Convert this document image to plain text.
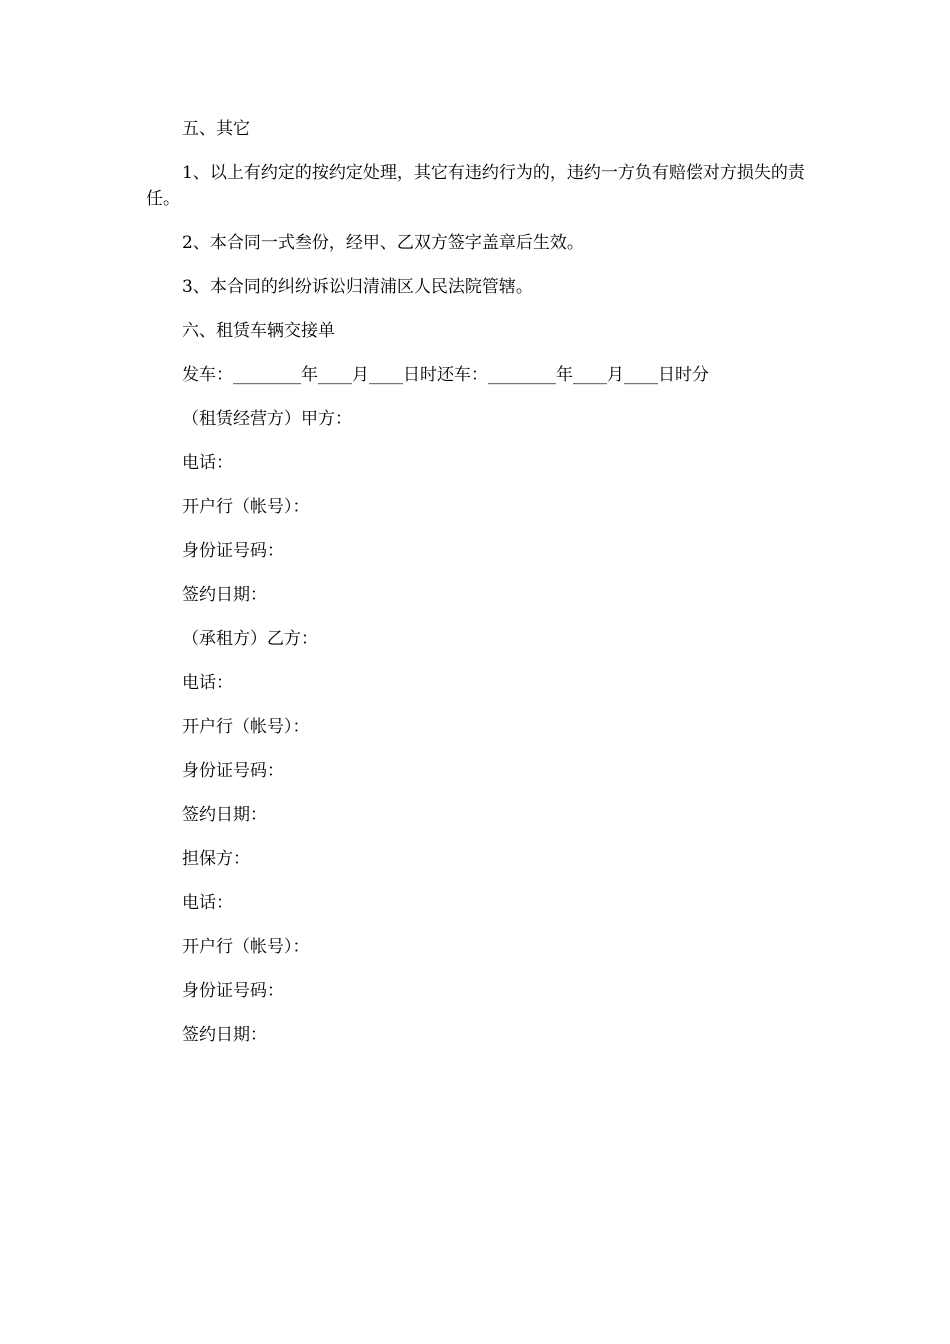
五、其它

1、以上有约定的按约定处理，其它有违约行为的，违约一方负有赔偿对方损失的责任。

2、本合同一式叁份，经甲、乙双方签字盖章后生效。

3、本合同的纠纷诉讼归清浦区人民法院管辖。

六、租赁车辆交接单

发车：________年____月____日时还车：________年____月____日时分

（租赁经营方）甲方：

电话：

开户行（帐号）：

身份证号码：

签约日期：

（承租方）乙方：

电话：

开户行（帐号）：

身份证号码：

签约日期：

担保方：

电话：

开户行（帐号）：

身份证号码：

签约日期：
